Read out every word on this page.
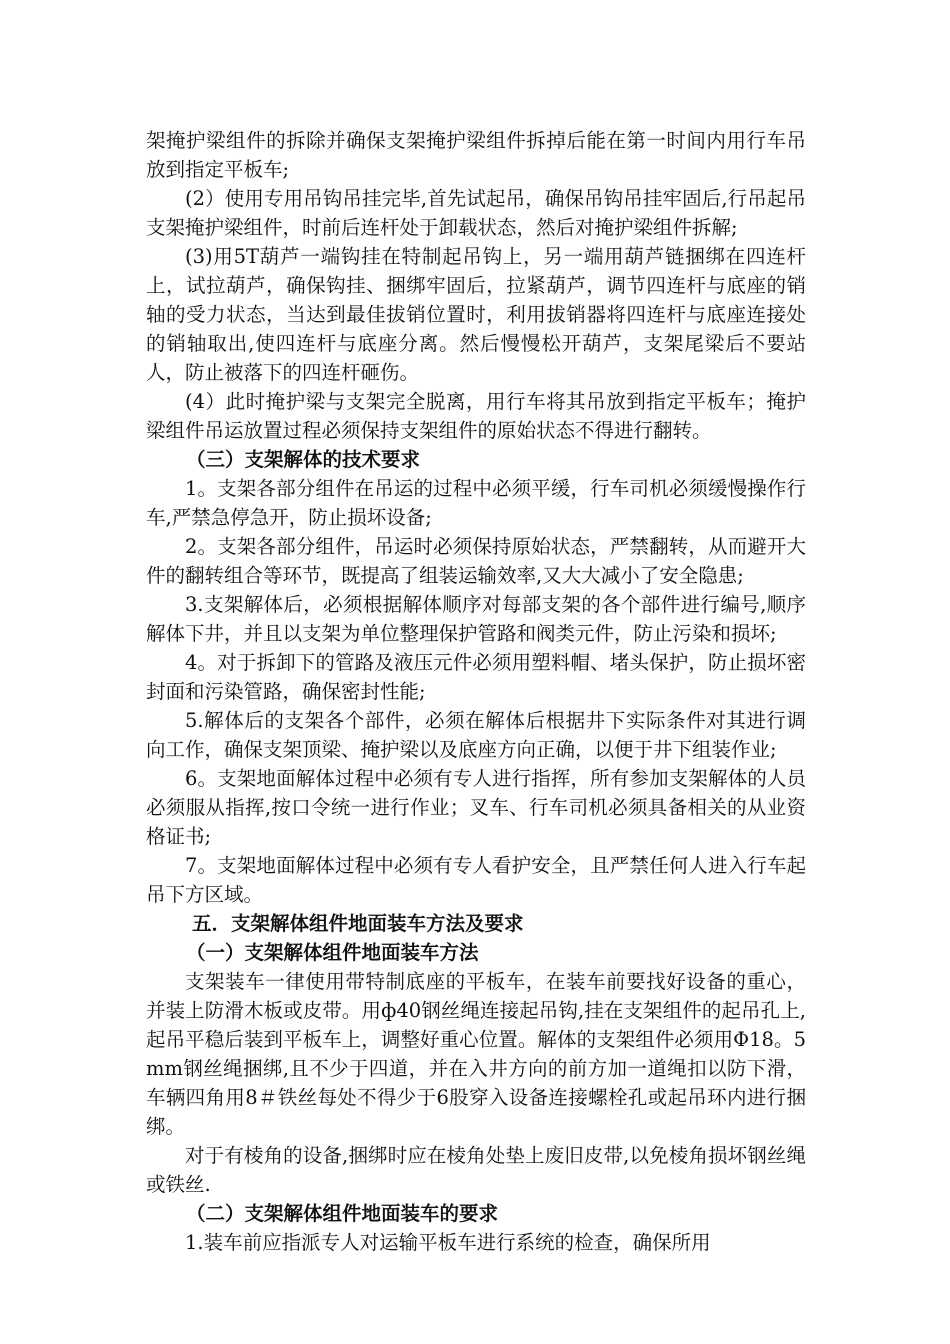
架掩护梁组件的拆除并确保支架掩护梁组件拆掉后能在第一时间内用行车吊放到指定平板车;

(2）使用专用吊钩吊挂完毕,首先试起吊，确保吊钩吊挂牢固后,行吊起吊支架掩护梁组件，时前后连杆处于卸载状态，然后对掩护梁组件拆解;

(3)用5T葫芦一端钩挂在特制起吊钩上，另一端用葫芦链捆绑在四连杆上，试拉葫芦，确保钩挂、捆绑牢固后，拉紧葫芦，调节四连杆与底座的销轴的受力状态，当达到最佳拔销位置时，利用拔销器将四连杆与底座连接处的销轴取出,使四连杆与底座分离。然后慢慢松开葫芦，支架尾梁后不要站人，防止被落下的四连杆砸伤。

(4）此时掩护梁与支架完全脱离，用行车将其吊放到指定平板车；掩护梁组件吊运放置过程必须保持支架组件的原始状态不得进行翻转。

（三）支架解体的技术要求

1。支架各部分组件在吊运的过程中必须平缓，行车司机必须缓慢操作行车,严禁急停急开，防止损坏设备;

2。支架各部分组件，吊运时必须保持原始状态，严禁翻转，从而避开大件的翻转组合等环节，既提高了组装运输效率,又大大减小了安全隐患;

3.支架解体后，必须根据解体顺序对每部支架的各个部件进行编号,顺序解体下井，并且以支架为单位整理保护管路和阀类元件，防止污染和损坏;

4。对于拆卸下的管路及液压元件必须用塑料帽、堵头保护，防止损坏密封面和污染管路，确保密封性能;

5.解体后的支架各个部件，必须在解体后根据井下实际条件对其进行调向工作，确保支架顶梁、掩护梁以及底座方向正确，以便于井下组装作业;

6。支架地面解体过程中必须有专人进行指挥，所有参加支架解体的人员必须服从指挥,按口令统一进行作业；叉车、行车司机必须具备相关的从业资格证书;

7。支架地面解体过程中必须有专人看护安全，且严禁任何人进入行车起吊下方区域。

五．支架解体组件地面装车方法及要求

（一）支架解体组件地面装车方法

支架装车一律使用带特制底座的平板车，在装车前要找好设备的重心，并装上防滑木板或皮带。用ф40钢丝绳连接起吊钩,挂在支架组件的起吊孔上,起吊平稳后装到平板车上，调整好重心位置。解体的支架组件必须用Φ18。5mm钢丝绳捆绑,且不少于四道，并在入井方向的前方加一道绳扣以防下滑，车辆四角用8＃铁丝每处不得少于6股穿入设备连接螺栓孔或起吊环内进行捆绑。

对于有棱角的设备,捆绑时应在棱角处垫上废旧皮带,以免棱角损坏钢丝绳或铁丝.

（二）支架解体组件地面装车的要求

1.装车前应指派专人对运输平板车进行系统的检查，确保所用
